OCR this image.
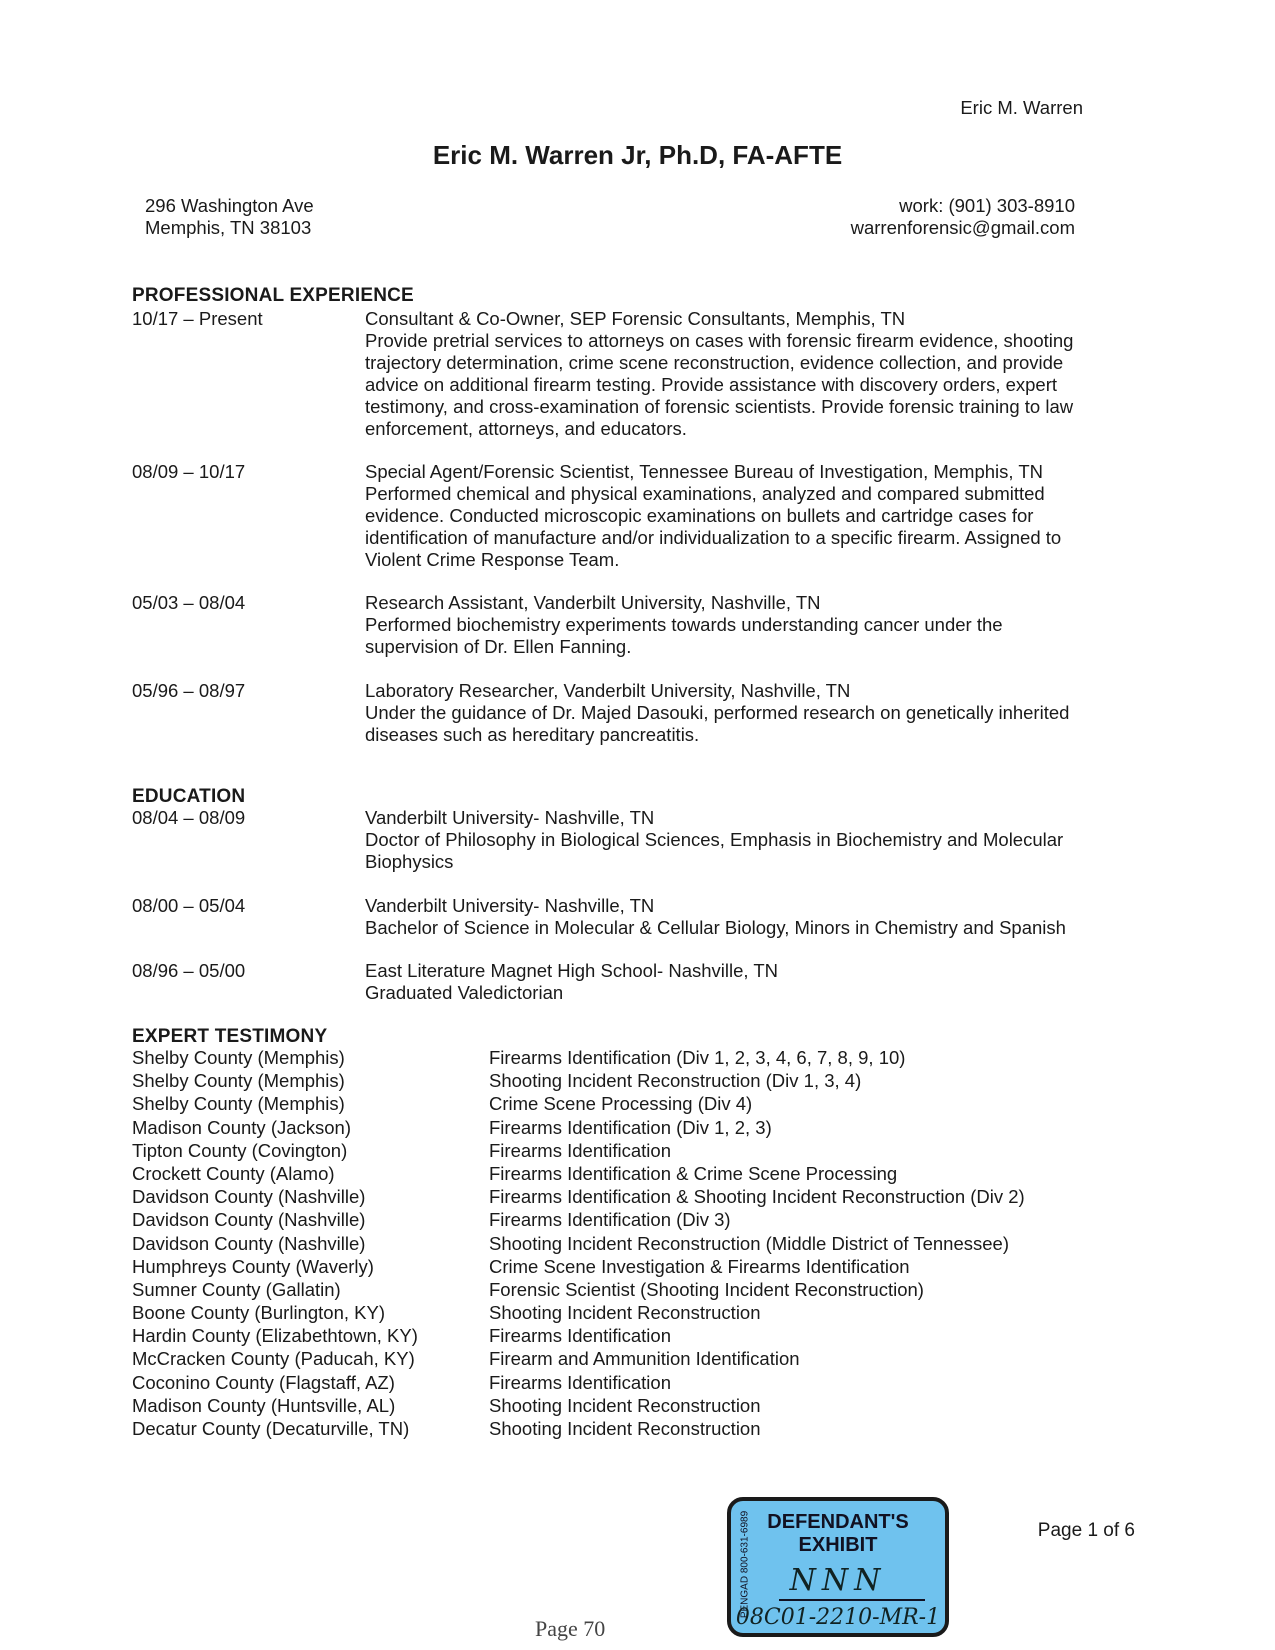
Eric M. Warren
Eric M. Warren Jr, Ph.D, FA-AFTE
296 Washington Ave
Memphis, TN 38103
work: (901) 303-8910
warrenforensic@gmail.com
PROFESSIONAL EXPERIENCE
10/17 – Present	Consultant & Co-Owner, SEP Forensic Consultants, Memphis, TN
Provide pretrial services to attorneys on cases with forensic firearm evidence, shooting
trajectory determination, crime scene reconstruction, evidence collection, and provide
advice on additional firearm testing. Provide assistance with discovery orders, expert
testimony, and cross-examination of forensic scientists. Provide forensic training to law
enforcement, attorneys, and educators.
08/09 – 10/17	Special Agent/Forensic Scientist, Tennessee Bureau of Investigation, Memphis, TN
Performed chemical and physical examinations, analyzed and compared submitted
evidence. Conducted microscopic examinations on bullets and cartridge cases for
identification of manufacture and/or individualization to a specific firearm. Assigned to
Violent Crime Response Team.
05/03 – 08/04	Research Assistant, Vanderbilt University, Nashville, TN
Performed biochemistry experiments towards understanding cancer under the
supervision of Dr. Ellen Fanning.
05/96 – 08/97	Laboratory Researcher, Vanderbilt University, Nashville, TN
Under the guidance of Dr. Majed Dasouki, performed research on genetically inherited
diseases such as hereditary pancreatitis.
EDUCATION
08/04 – 08/09	Vanderbilt University- Nashville, TN
Doctor of Philosophy in Biological Sciences, Emphasis in Biochemistry and Molecular
Biophysics
08/00 – 05/04	Vanderbilt University- Nashville, TN
Bachelor of Science in Molecular & Cellular Biology, Minors in Chemistry and Spanish
08/96 – 05/00	East Literature Magnet High School- Nashville, TN
Graduated Valedictorian
EXPERT TESTIMONY
Shelby County (Memphis)	Firearms Identification (Div 1, 2, 3, 4, 6, 7, 8, 9, 10)
Shelby County (Memphis)	Shooting Incident Reconstruction (Div 1, 3, 4)
Shelby County (Memphis)	Crime Scene Processing (Div 4)
Madison County (Jackson)	Firearms Identification (Div 1, 2, 3)
Tipton County (Covington)	Firearms Identification
Crockett County (Alamo)	Firearms Identification & Crime Scene Processing
Davidson County (Nashville)	Firearms Identification & Shooting Incident Reconstruction (Div 2)
Davidson County (Nashville)	Firearms Identification (Div 3)
Davidson County (Nashville)	Shooting Incident Reconstruction (Middle District of Tennessee)
Humphreys County (Waverly)	Crime Scene Investigation & Firearms Identification
Sumner County (Gallatin)	Forensic Scientist (Shooting Incident Reconstruction)
Boone County (Burlington, KY)	Shooting Incident Reconstruction
Hardin County (Elizabethtown, KY)	Firearms Identification
McCracken County (Paducah, KY)	Firearm and Ammunition Identification
Coconino County (Flagstaff, AZ)	Firearms Identification
Madison County (Huntsville, AL)	Shooting Incident Reconstruction
Decatur County (Decaturville, TN)	Shooting Incident Reconstruction
PENGAD 800-631-6989 DEFENDANT'S
EXHIBIT
NNN
08C01-2210-MR-1
Page 1 of 6
Page 70
